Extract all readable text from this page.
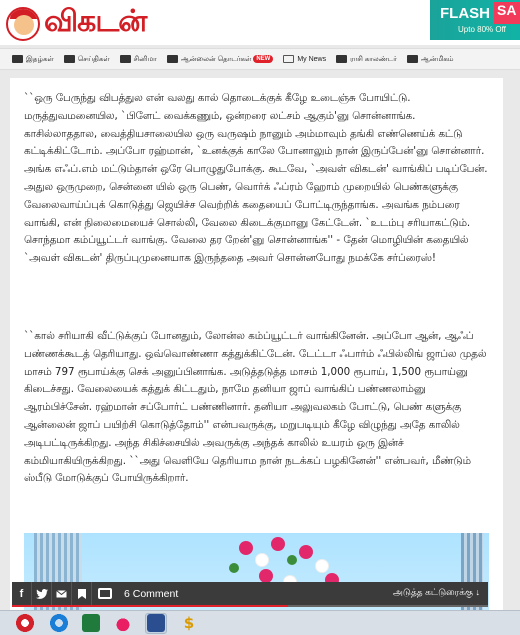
விகடன்	FLASH SA
Upto 80% Off
இதழ்கள்	செய்திகள்	சினிமா	ஆன்லைன் தொடர்கள் NEW	My News	ராசி காலண்டர்	ஆன்மிகம்

``ஒரு பேருந்து விபத்துல என் வலது கால் தொடைக்குக் கீழே உடைஞ்சு போயிட்டு. மருத்துவமனையில, `பிளேட் வைக்கணும், ஒன்றரை லட்சம் ஆகும்'னு சொன்னாங்க. காசில்லாததால, வைத்தியசாலையில ஒரு வருஷம் நானும் அம்மாவும் தங்கி எண்ணெய்க் கட்டு கட்டிக்கிட்டோம். அப்போ ரஹ்மான், `உனக்குக் காலே போனாலும் நான் இருப்பேன்'னு சொன்னார். அங்க எஃப்.எம் மட்டும்தான் ஒரே பொழுதுபோக்கு. கூடவே, `அவள் விகடன்' வாங்கிப் படிப்பேன். அதுல ஒருமுறை, சென்னை யில் ஒரு பெண், வொர்க் ஃப்ரம் ஹோம் முறையில் பெண்களுக்கு வேலைவாய்ப்புக் கொடுத்து ஜெயிச்ச வெற்றிக் கதையைப் போட்டிருந்தாங்க. அவங்க நம்பரை வாங்கி, என் நிலைமையைச் சொல்லி, வேலை கிடைக்குமானு கேட்டேன். `உடம்பு சரியாகட்டும். சொந்தமா கம்ப்யூட்டர் வாங்கு. வேலை தர றேன்'னு சொன்னாங்க'' - தேன் மொழியின் கதையில் `அவள் விகடன்' திருப்புமுனையாக இருந்ததை அவர் சொன்னபோது நமக்கே சர்ப்ரைஸ்!

``கால் சரியாகி வீட்டுக்குப் போனதும், லோன்ல கம்ப்யூட்டர் வாங்கினேன். அப்போ ஆன், ஆஃப் பண்ணக்கூடத் தெரியாது. ஒவ்வொண்ணா கத்துக்கிட்டேன். டேட்டா ஃபார்ம் ஃபில்லிங் ஜாப்ல முதல் மாசம் 797 ரூபாய்க்கு செக் அனுப்பினாங்க. அடுத்தடுத்த மாசம் 1,000 ரூபாய், 1,500 ரூபாய்னு கிடைச்சது. வேலையைக் கத்துக் கிட்டதும், நாமே தனியா ஜாப் வாங்கிப் பண்ணலாம்னு ஆரம்பிச்சேன். ரஹ்மான் சப்போர்ட் பண்ணினார். தனியா அலுவலகம் போட்டு, பெண் களுக்கு ஆன்லைன் ஜாப் பயிற்சி கொடுத்தோம்'' என்பவருக்கு, மறுபடியும் கீழே விழுந்து அதே காலில் அடிபட்டிருக்கிறது. அந்த சிகிச்சையில் அவருக்கு அந்தக் காலில் உயரம் ஒரு இன்ச் கம்மியாகியிருக்கிறது. ``அது வெளியே தெரியாம நான் நடக்கப் பழகினேன்'' என்பவர், மீண்டும் ஸ்பீடு மோடுக்குப் போயிருக்கிறார்.

f	6 Comment	அடுத்த கட்டுரைக்கு ↓
$
